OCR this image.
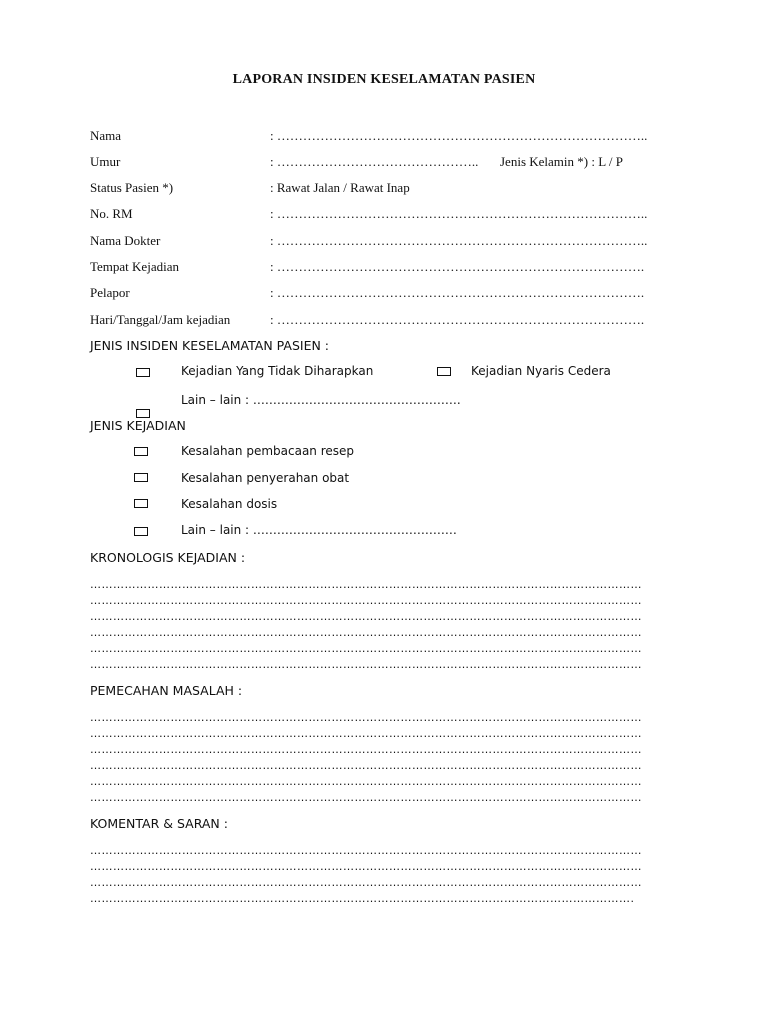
LAPORAN INSIDEN KESELAMATAN PASIEN
Nama	: …………………………………………………………………………..
Umur	: ……………………………………….. Jenis Kelamin *) : L / P
Status Pasien *)	: Rawat Jalan / Rawat Inap
No. RM	: …………………………………………………………………………..
Nama Dokter	: …………………………………………………………………………..
Tempat Kejadian	: ………………………………………………………………………….
Pelapor	: ………………………………………………………………………….
Hari/Tanggal/Jam kejadian	: ………………………………………………………………………….
JENIS INSIDEN KESELAMATAN PASIEN :
Kejadian Yang Tidak Diharapkan	Kejadian Nyaris Cedera
Lain – lain : …………………………………………….
JENIS KEJADIAN
Kesalahan pembacaan resep
Kesalahan penyerahan obat
Kesalahan dosis
Lain – lain : ……………………………………………
KRONOLOGIS KEJADIAN :
………………………………………………………………………………………………………………………………
………………………………………………………………………………………………………………………………
………………………………………………………………………………………………………………………………
………………………………………………………………………………………………………………………………
………………………………………………………………………………………………………………………………
………………………………………………………………………………………………………………………………
PEMECAHAN MASALAH :
………………………………………………………………………………………………………………………………
………………………………………………………………………………………………………………………………
………………………………………………………………………………………………………………………………
………………………………………………………………………………………………………………………………
………………………………………………………………………………………………………………………………
………………………………………………………………………………………………………………………………
KOMENTAR & SARAN :
………………………………………………………………………………………………………………………………
………………………………………………………………………………………………………………………………
………………………………………………………………………………………………………………………………
…………………………………………………………………………………………………………………………….
